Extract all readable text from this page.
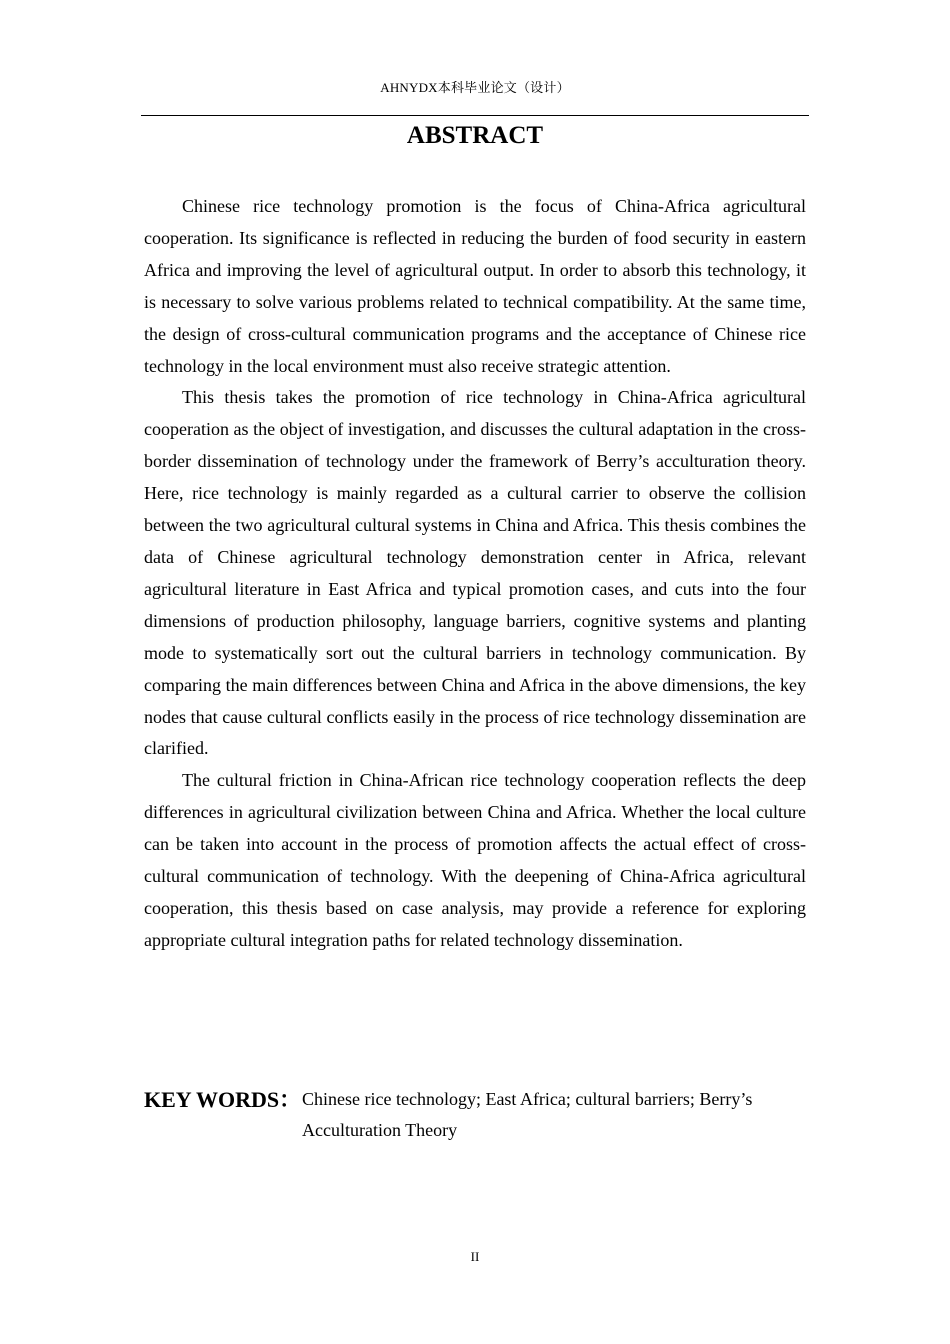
AHNYDX本科毕业论文（设计）
ABSTRACT

Chinese rice technology promotion is the focus of China-Africa agricultural cooperation. Its significance is reflected in reducing the burden of food security in eastern Africa and improving the level of agricultural output. In order to absorb this technology, it is necessary to solve various problems related to technical compatibility. At the same time, the design of cross-cultural communication programs and the acceptance of Chinese rice technology in the local environment must also receive strategic attention.

This thesis takes the promotion of rice technology in China-Africa agricultural cooperation as the object of investigation, and discusses the cultural adaptation in the cross-border dissemination of technology under the framework of Berry’s acculturation theory. Here, rice technology is mainly regarded as a cultural carrier to observe the collision between the two agricultural cultural systems in China and Africa. This thesis combines the data of Chinese agricultural technology demonstration center in Africa, relevant agricultural literature in East Africa and typical promotion cases, and cuts into the four dimensions of production philosophy, language barriers, cognitive systems and planting mode to systematically sort out the cultural barriers in technology communication. By comparing the main differences between China and Africa in the above dimensions, the key nodes that cause cultural conflicts easily in the process of rice technology dissemination are clarified.

The cultural friction in China-African rice technology cooperation reflects the deep differences in agricultural civilization between China and Africa. Whether the local culture can be taken into account in the process of promotion affects the actual effect of cross-cultural communication of technology. With the deepening of China-Africa agricultural cooperation, this thesis based on case analysis, may provide a reference for exploring appropriate cultural integration paths for related technology dissemination.

KEY WORDS： Chinese rice technology; East Africa; cultural barriers; Berry’s Acculturation Theory
II
